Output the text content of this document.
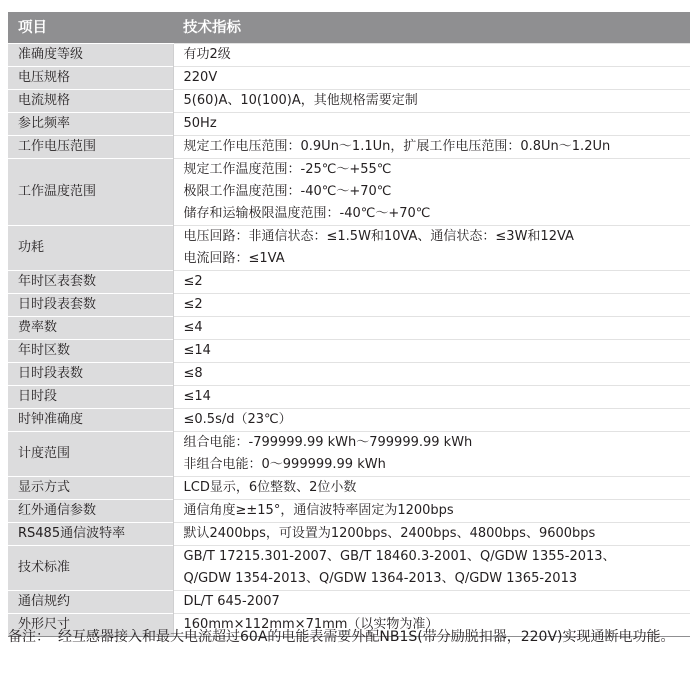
项目	技术指标
准确度等级	有功2级

电压规格	220V

电流规格	5(60)A、10(100)A，其他规格需要定制

参比频率	50Hz

工作电压范围	规定工作电压范围：0.9Un～1.1Un，扩展工作电压范围：0.8Un～1.2Un

工作温度范围	规定工作温度范围：-25℃～+55℃
极限工作温度范围：-40℃～+70℃
储存和运输极限温度范围：-40℃～+70℃

功耗	电压回路：非通信状态：≤1.5W和10VA、通信状态：≤3W和12VA
电流回路：≤1VA

年时区表套数	≤2

日时段表套数	≤2

费率数	≤4

年时区数	≤14

日时段表数	≤8

日时段	≤14

时钟准确度	≤0.5s/d（23℃）

计度范围	组合电能：-799999.99 kWh～799999.99 kWh
非组合电能：0～999999.99 kWh

显示方式	LCD显示，6位整数、2位小数

红外通信参数	通信角度≥±15°，通信波特率固定为1200bps

RS485通信波特率	默认2400bps，可设置为1200bps、2400bps、4800bps、9600bps

技术标准	GB/T 17215.301-2007、GB/T 18460.3-2001、Q/GDW 1355-2013、
Q/GDW 1354-2013、Q/GDW 1364-2013、Q/GDW 1365-2013

通信规约	DL/T 645-2007

外形尺寸	160mm×112mm×71mm（以实物为准）
备注： 经互感器接入和最大电流超过60A的电能表需要外配NB1S(带分励脱扣器，220V)实现通断电功能。
